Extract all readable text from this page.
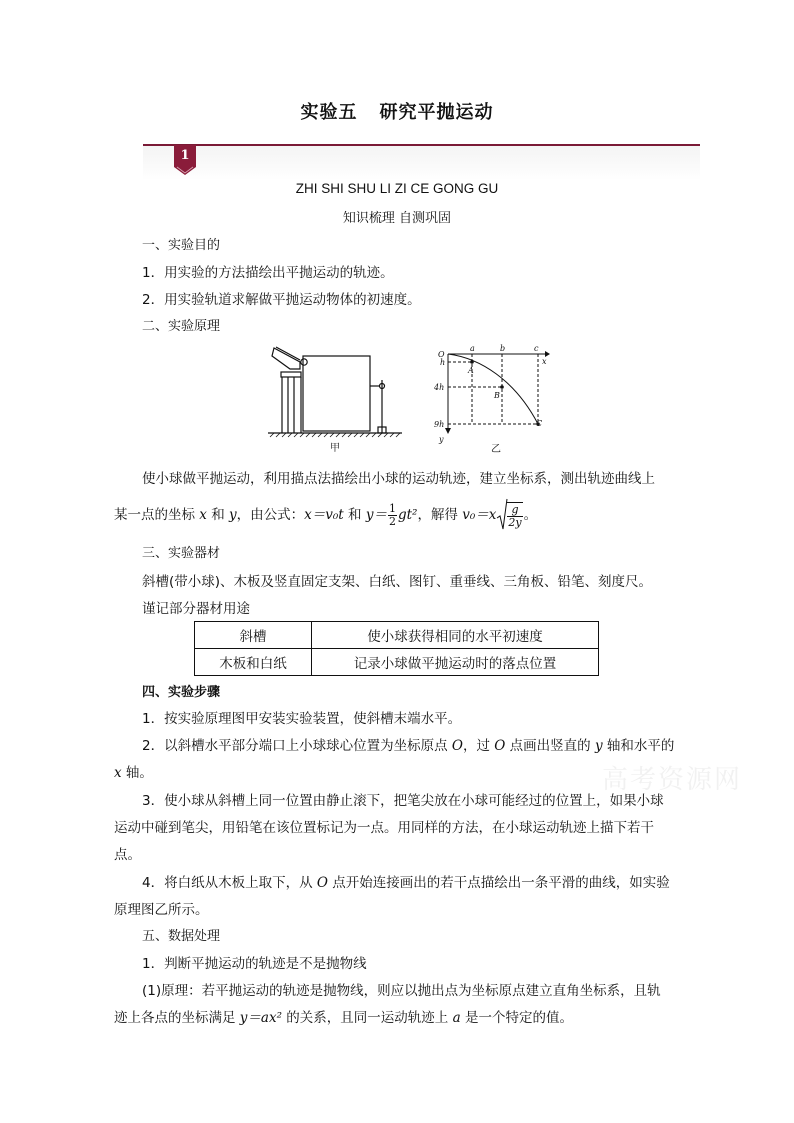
实验五 研究平抛运动
1
ZHI SHI SHU LI ZI CE GONG GU
知识梳理 自测巩固
一、实验目的
1．用实验的方法描绘出平抛运动的轨迹。
2．用实验轨道求解做平抛运动物体的初速度。
二、实验原理
甲
O
a	b	c
x
y
h
4h
9h
A
B
C
乙
使小球做平抛运动，利用描点法描绘出小球的运动轨迹，建立坐标系，测出轨迹曲线上
某一点的坐标 x 和 y，由公式：x＝v₀t 和 $y= \frac{1}{2} gt^2$，解得 $v_0=x \frac{g}{2y}$ 。
三、实验器材
斜槽(带小球)、木板及竖直固定支架、白纸、图钉、重垂线、三角板、铅笔、刻度尺。
谨记部分器材用途
斜槽	使小球获得相同的水平初速度
木板和白纸	记录小球做平抛运动时的落点位置
四、实验步骤
1．按实验原理图甲安装实验装置，使斜槽末端水平。
2．以斜槽水平部分端口上小球球心位置为坐标原点 O，过 O 点画出竖直的 y 轴和水平的
x 轴。
3．使小球从斜槽上同一位置由静止滚下，把笔尖放在小球可能经过的位置上，如果小球
运动中碰到笔尖，用铅笔在该位置标记为一点。用同样的方法，在小球运动轨迹上描下若干
点。
4．将白纸从木板上取下，从 O 点开始连接画出的若干点描绘出一条平滑的曲线，如实验
原理图乙所示。
五、数据处理
1．判断平抛运动的轨迹是不是抛物线
(1)原理：若平抛运动的轨迹是抛物线，则应以抛出点为坐标原点建立直角坐标系，且轨
迹上各点的坐标满足 y＝ax² 的关系，且同一运动轨迹上 a 是一个特定的值。
高考资源网
